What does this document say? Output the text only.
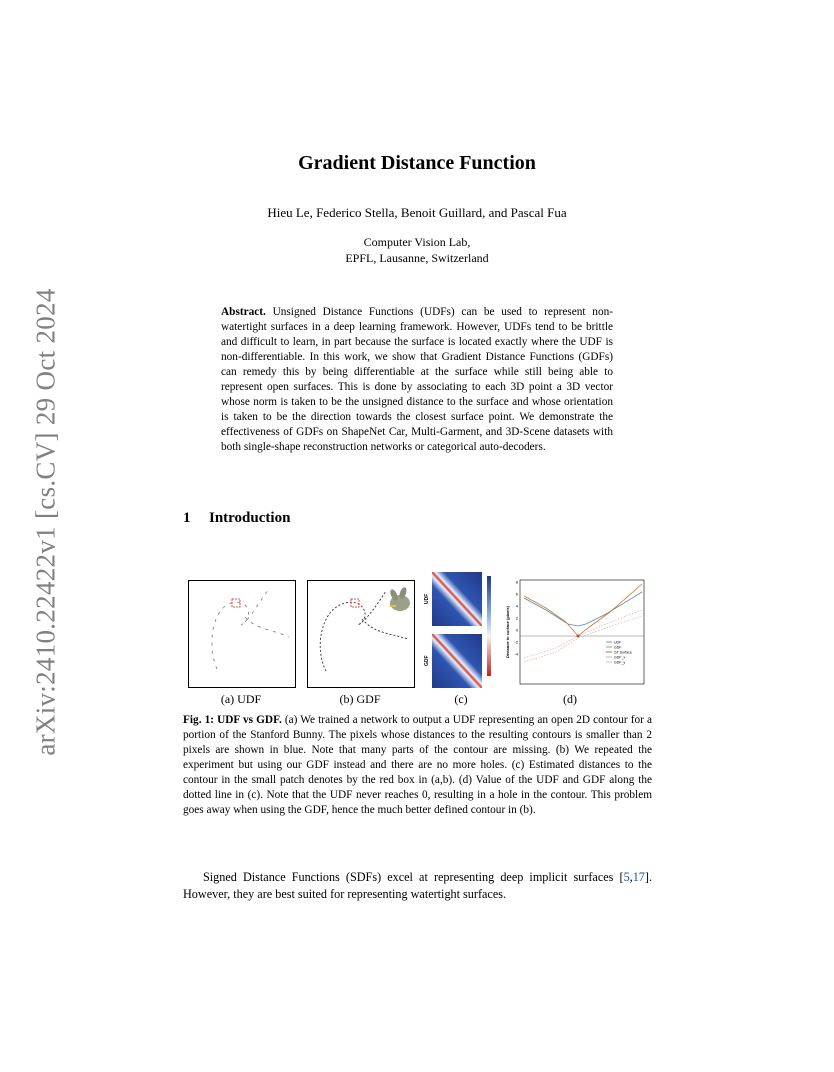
arXiv:2410.22422v1 [cs.CV] 29 Oct 2024
Gradient Distance Function
Hieu Le, Federico Stella, Benoit Guillard, and Pascal Fua
Computer Vision Lab,
EPFL, Lausanne, Switzerland
Abstract. Unsigned Distance Functions (UDFs) can be used to represent non-watertight surfaces in a deep learning framework. However, UDFs tend to be brittle and difficult to learn, in part because the surface is located exactly where the UDF is non-differentiable. In this work, we show that Gradient Distance Functions (GDFs) can remedy this by being differentiable at the surface while still being able to represent open surfaces. This is done by associating to each 3D point a 3D vector whose norm is taken to be the unsigned distance to the surface and whose orientation is taken to be the direction towards the closest surface point. We demonstrate the effectiveness of GDFs on ShapeNet Car, Multi-Garment, and 3D-Scene datasets with both single-shape reconstruction networks or categorical auto-decoders.
1 Introduction
UDF
GDF
Distance to surface (pixels)
8
6
4
2
0
-2
-4
UDF
GDF
GT Surface
GDF_x
GDF_y
(a) UDF	(b) GDF	(c)	(d)
Fig. 1: UDF vs GDF. (a) We trained a network to output a UDF representing an open 2D contour for a portion of the Stanford Bunny. The pixels whose distances to the resulting contours is smaller than 2 pixels are shown in blue. Note that many parts of the contour are missing. (b) We repeated the experiment but using our GDF instead and there are no more holes. (c) Estimated distances to the contour in the small patch denotes by the red box in (a,b). (d) Value of the UDF and GDF along the dotted line in (c). Note that the UDF never reaches 0, resulting in a hole in the contour. This problem goes away when using the GDF, hence the much better defined contour in (b).
Signed Distance Functions (SDFs) excel at representing deep implicit surfaces [5,17]. However, they are best suited for representing watertight surfaces.
